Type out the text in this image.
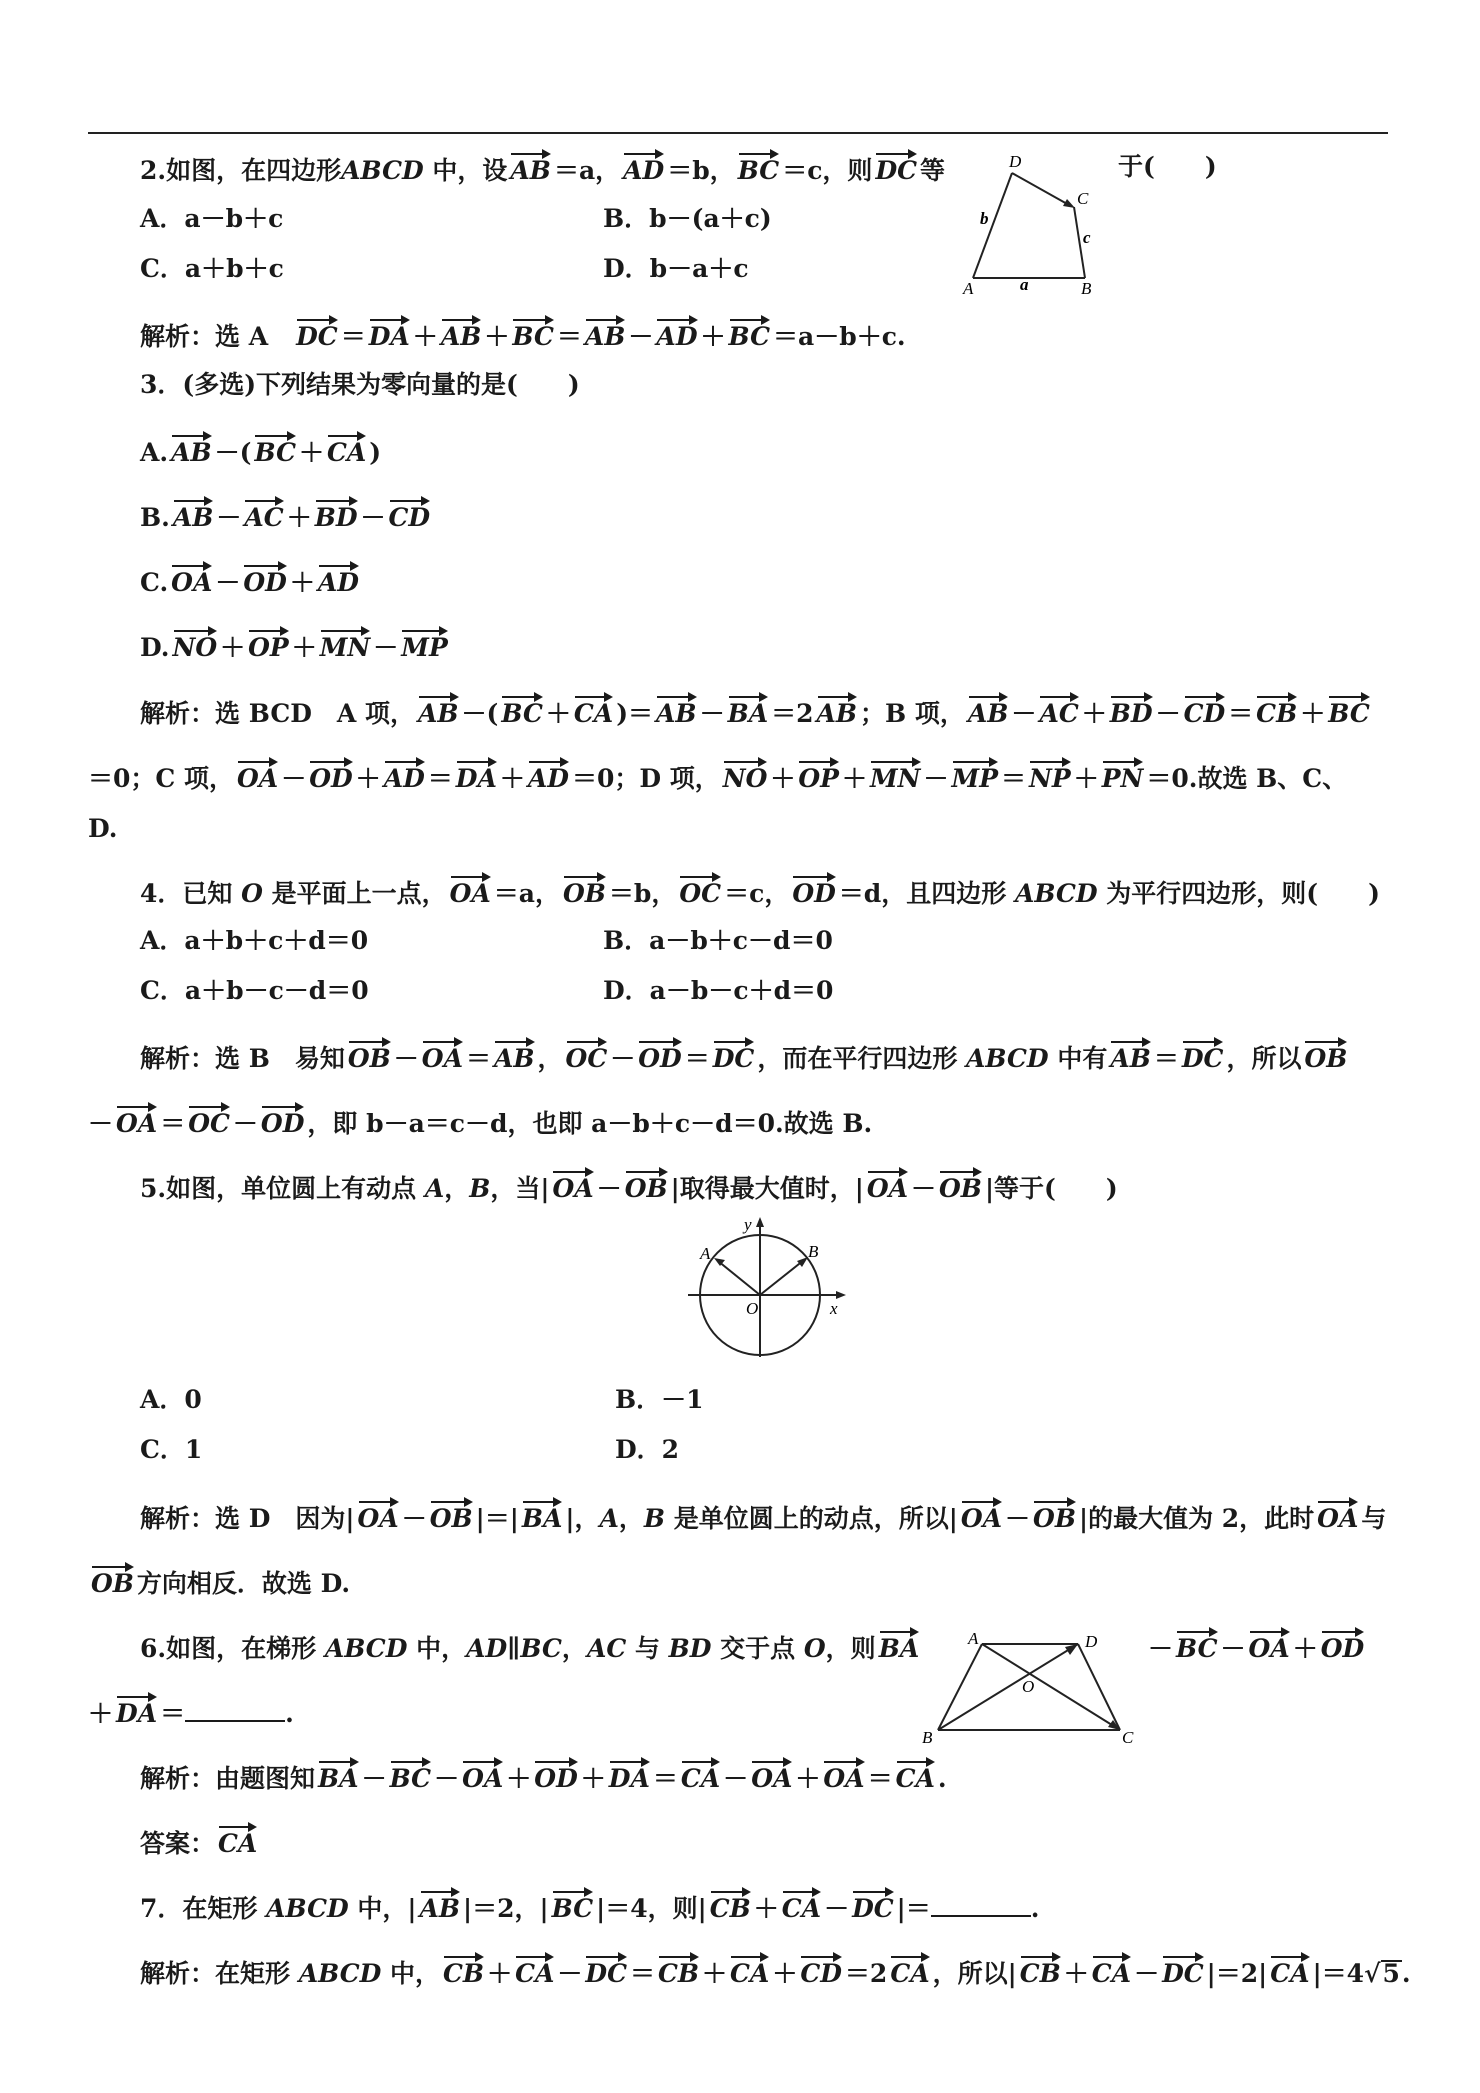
2.如图，在四边形ABCD 中，设 AB ＝a， AD ＝b， BC ＝c，则 DC 等	于(　　)
A．a－b＋c	B．b－(a＋c)
C．a＋b＋c	D．b－a＋c
D
C
A	B
a
b
c
解析：选 A　DC ＝ DA ＋ AB ＋ BC ＝ AB － AD ＋ BC ＝a－b＋c.
3．(多选)下列结果为零向量的是(　　)
A. AB －( BC ＋ CA )
B. AB － AC ＋ BD － CD
C. OA － OD ＋ AD
D. NO ＋ OP ＋ MN － MP
解析：选 BCD　A 项， AB －( BC ＋ CA )＝ AB － BA ＝2 AB ；B 项， AB － AC ＋ BD － CD ＝ CB ＋ BC
＝0；C 项， OA － OD ＋ AD ＝ DA ＋ AD ＝0；D 项， NO ＋ OP ＋ MN － MP ＝ NP ＋ PN ＝0.故选 B、C、
D.
4．已知 O 是平面上一点， OA ＝a， OB ＝b， OC ＝c， OD ＝d，且四边形 ABCD 为平行四边形，则(　　)
A．a＋b＋c＋d＝0	B．a－b＋c－d＝0
C．a＋b－c－d＝0	D．a－b－c＋d＝0
解析：选 B　易知 OB － OA ＝ AB ， OC － OD ＝ DC ，而在平行四边形 ABCD 中有 AB ＝ DC ，所以 OB
－ OA ＝ OC － OD ，即 b－a＝c－d，也即 a－b＋c－d＝0.故选 B.
5.如图，单位圆上有动点 A，B，当| OA － OB |取得最大值时，| OA － OB |等于(　　)
y
x
O
A	B
A．0	B．－1
C．1	D．2
解析：选 D　因为| OA － OB |＝| BA |，A，B 是单位圆上的动点，所以| OA － OB |的最大值为 2，此时 OA 与
OB 方向相反．故选 D.
6.如图，在梯形 ABCD 中，AD∥BC，AC 与 BD 交于点 O，则 BA	－ BC － OA ＋ OD
＋ DA ＝	.
A	D
O
B	C
解析：由题图知 BA － BC － OA ＋ OD ＋ DA ＝ CA － OA ＋ OA ＝ CA .
答案： CA
7．在矩形 ABCD 中，| AB |＝2，| BC |＝4，则| CB ＋ CA － DC |＝	.
解析：在矩形 ABCD 中， CB ＋ CA － DC ＝ CB ＋ CA ＋ CD ＝2 CA ，所以| CB ＋ CA － DC |＝2| CA |＝4√5.
